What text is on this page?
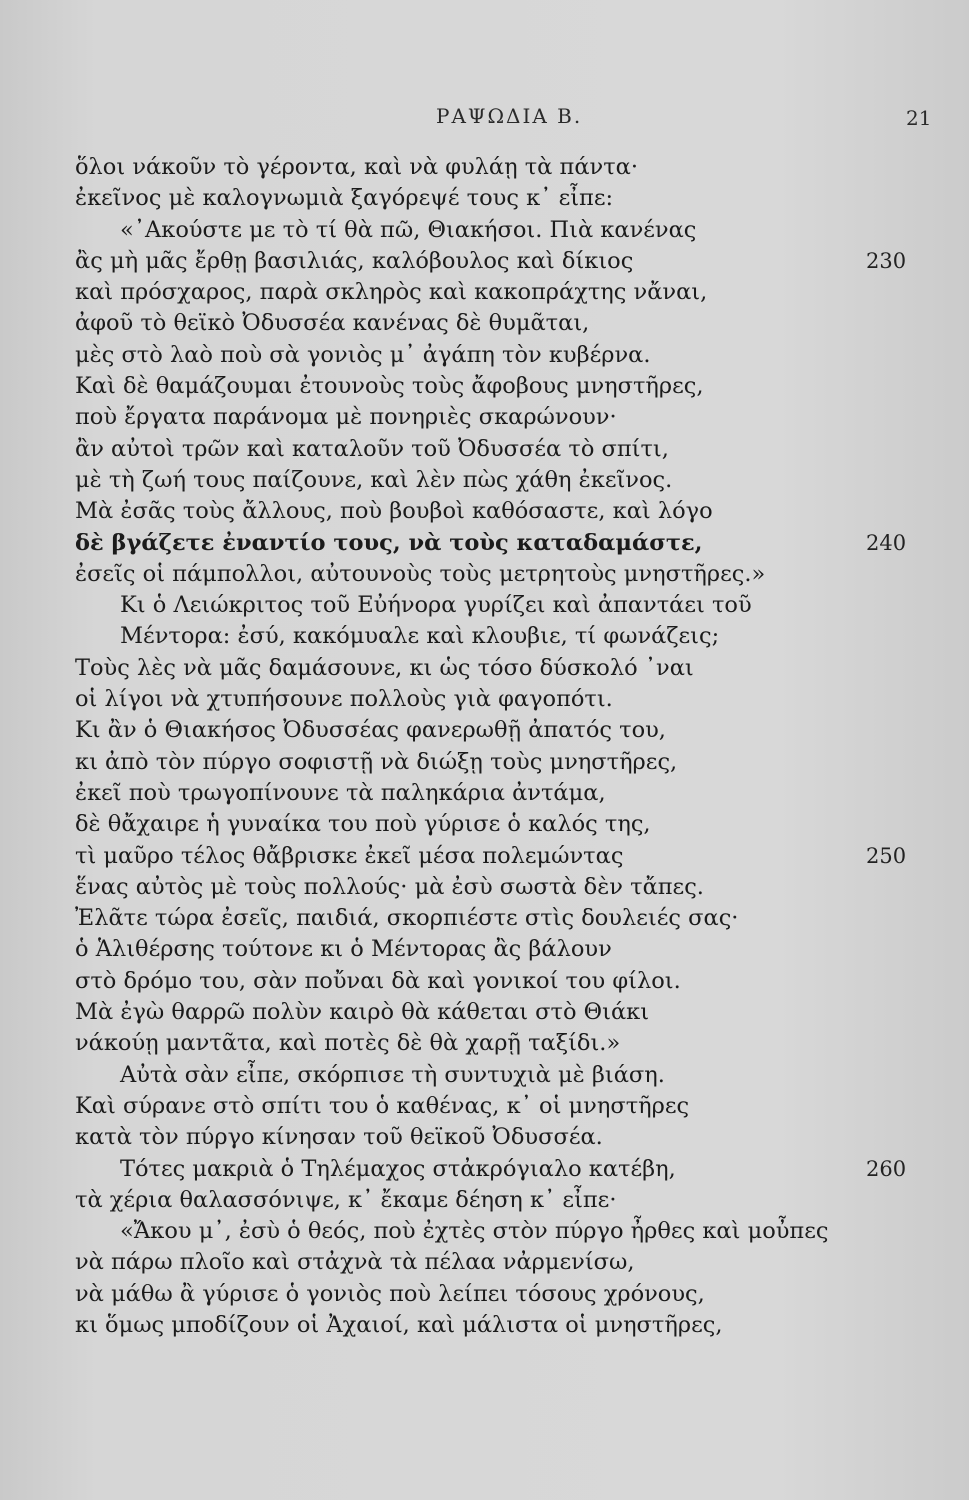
ΡΑΨΩΔΙΑ Β.	21
ὅλοι νάκοῦν τὸ γέροντα, καὶ νὰ φυλάῃ τὰ πάντα·
ἐκεῖνος μὲ καλογνωμιὰ ξαγόρεψέ τους κ᾽ εἶπε:
«᾽Ακούστε με τὸ τί θὰ πῶ, Θιακήσοι. Πιὰ κανένας
ἂς μὴ μᾶς ἔρθῃ βασιλιάς, καλόβουλος καὶ δίκιος	230
καὶ πρόσχαρος, παρὰ σκληρὸς καὶ κακοπράχτης νἄναι,
ἀφοῦ τὸ θεϊκὸ Ὀδυσσέα κανένας δὲ θυμᾶται,
μὲς στὸ λαὸ ποὺ σὰ γονιὸς μ᾽ ἀγάπη τὸν κυβέρνα.
Καὶ δὲ θαμάζουμαι ἐτουνοὺς τοὺς ἄφοβους μνηστῆρες,
ποὺ ἔργατα παράνομα μὲ πονηριὲς σκαρώνουν·
ἂν αὐτοὶ τρῶν καὶ καταλοῦν τοῦ Ὀδυσσέα τὸ σπίτι,
μὲ τὴ ζωή τους παίζουνε, καὶ λὲν πὼς χάθη ἐκεῖνος.
Μὰ ἐσᾶς τοὺς ἄλλους, ποὺ βουβοὶ καθόσαστε, καὶ λόγο
δὲ βγάζετε ἐναντίο τους, νὰ τοὺς καταδαμάστε,	240
ἐσεῖς οἱ πάμπολλοι, αὐτουνοὺς τοὺς μετρητοὺς μνηστῆρες.»
Κι ὁ Λειώκριτος τοῦ Εὐήνορα γυρίζει καὶ ἀπαντάει τοῦ
Μέντορα: ἐσύ, κακόμυαλε καὶ κλουβιε, τί φωνάζεις;
Τοὺς λὲς νὰ μᾶς δαμάσουνε, κι ὡς τόσο δύσκολό ᾽ναι
οἱ λίγοι νὰ χτυπήσουνε πολλοὺς γιὰ φαγοπότι.
Κι ἂν ὁ Θιακήσος Ὀδυσσέας φανερωθῇ ἀπατός του,
κι ἀπὸ τὸν πύργο σοφιστῇ νὰ διώξῃ τοὺς μνηστῆρες,
ἐκεῖ ποὺ τρωγοπίνουνε τὰ παληκάρια ἀντάμα,
δὲ θἄχαιρε ἡ γυναίκα του ποὺ γύρισε ὁ καλός της,
τὶ μαῦρο τέλος θἄβρισκε ἐκεῖ μέσα πολεμώντας	250
ἕνας αὐτὸς μὲ τοὺς πολλούς· μὰ ἐσὺ σωστὰ δὲν τἄπες.
Ἐλᾶτε τώρα ἐσεῖς, παιδιά, σκορπιέστε στὶς δουλειές σας·
ὁ Ἁλιθέρσης τούτονε κι ὁ Μέντορας ἂς βάλουν
στὸ δρόμο του, σὰν ποὔναι δὰ καὶ γονικοί του φίλοι.
Μὰ ἐγὼ θαρρῶ πολὺν καιρὸ θὰ κάθεται στὸ Θιάκι
νάκούῃ μαντᾶτα, καὶ ποτὲς δὲ θὰ χαρῇ ταξίδι.»
Αὐτὰ σὰν εἶπε, σκόρπισε τὴ συντυχιὰ μὲ βιάση.
Καὶ σύρανε στὸ σπίτι του ὁ καθένας, κ᾽ οἱ μνηστῆρες
κατὰ τὸν πύργο κίνησαν τοῦ θεϊκοῦ Ὀδυσσέα.
Τότες μακριὰ ὁ Τηλέμαχος στἀκρόγιαλο κατέβη,	260
τὰ χέρια θαλασσόνιψε, κ᾽ ἔκαμε δέηση κ᾽ εἶπε·
«Ἄκου μ᾽, ἐσὺ ὁ θεός, ποὺ ἐχτὲς στὸν πύργο ἦρθες καὶ μοὖπες
νὰ πάρω πλοῖο καὶ στἀχνὰ τὰ πέλαα νἀρμενίσω,
νὰ μάθω ἂ γύρισε ὁ γονιὸς ποὺ λείπει τόσους χρόνους,
κι ὅμως μποδίζουν οἱ Ἀχαιοί, καὶ μάλιστα οἱ μνηστῆρες,
